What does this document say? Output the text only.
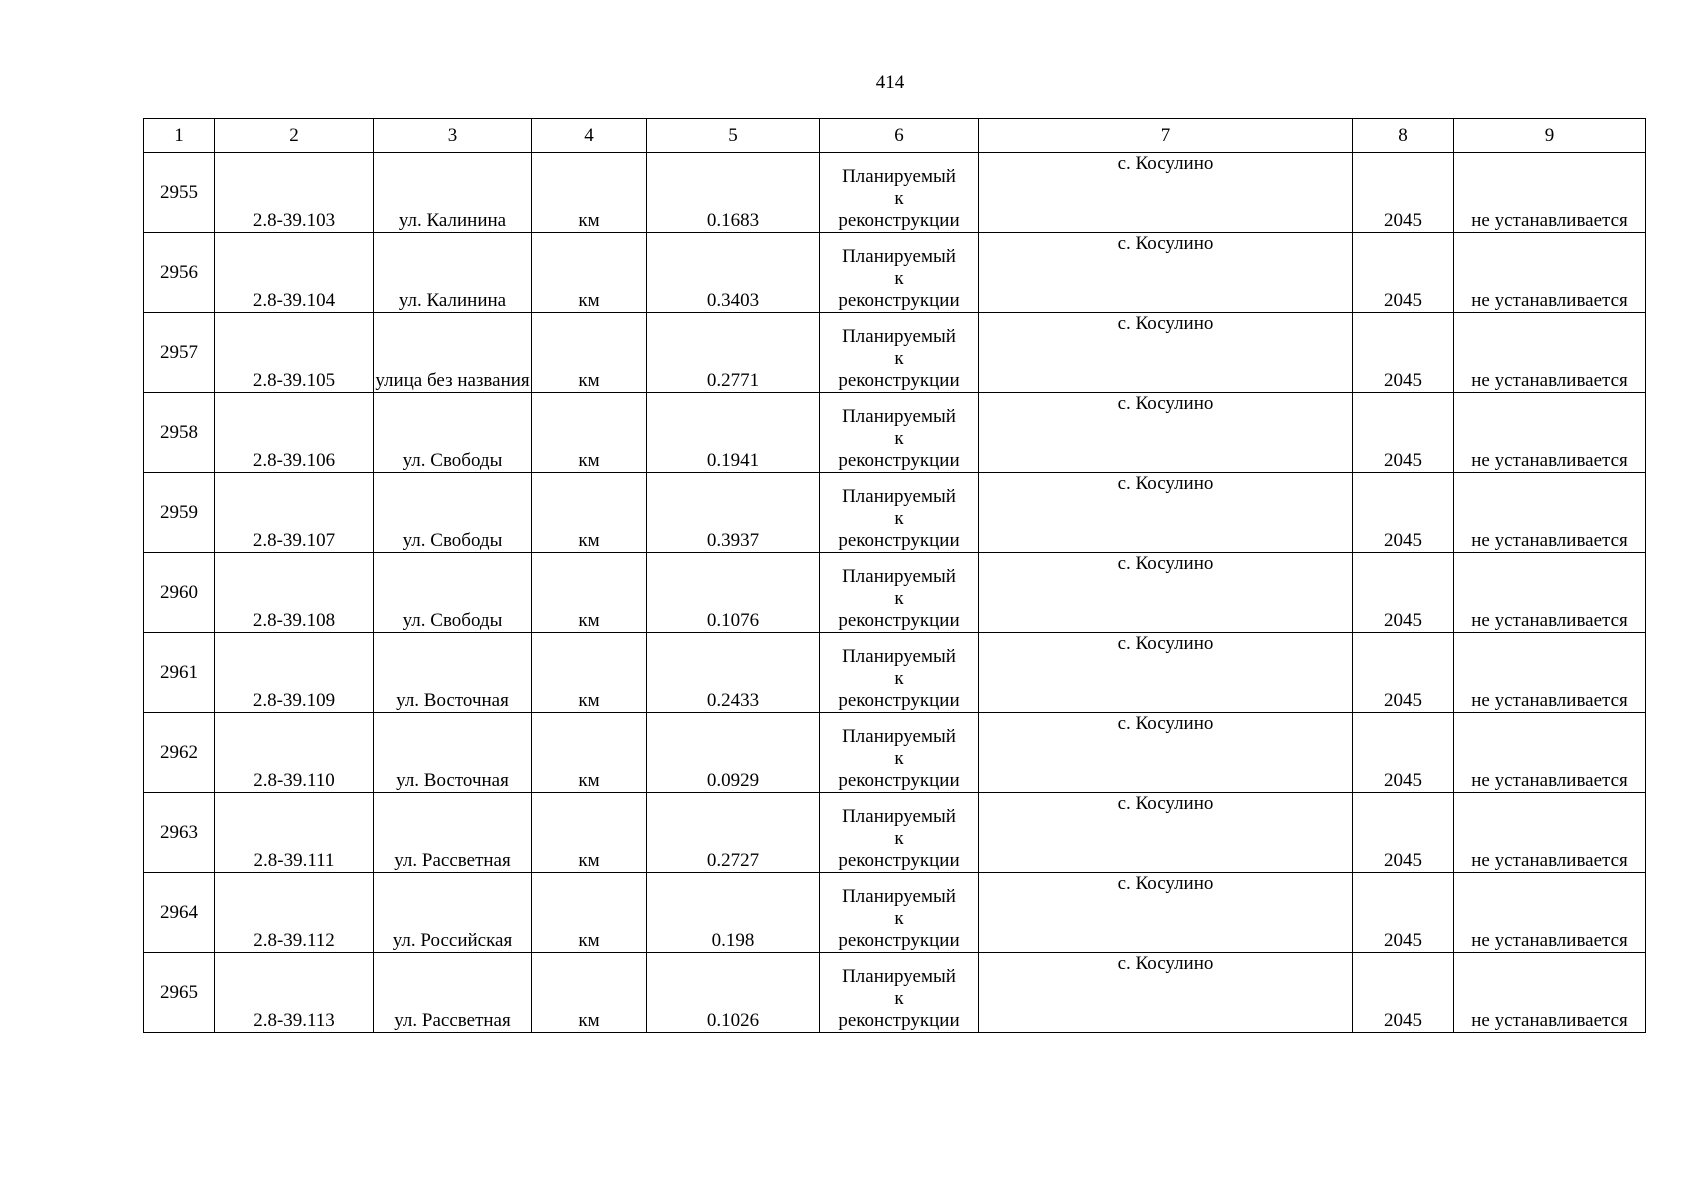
414
1	2	3	4	5	6	7	8	9
2955	2.8-39.103	ул. Калинина	км	0.1683	Планируемый
к
реконструкции	с. Косулино	2045	не устанавливается
2956	2.8-39.104	ул. Калинина	км	0.3403	Планируемый
к
реконструкции	с. Косулино	2045	не устанавливается
2957	2.8-39.105	улица без названия	км	0.2771	Планируемый
к
реконструкции	с. Косулино	2045	не устанавливается
2958	2.8-39.106	ул. Свободы	км	0.1941	Планируемый
к
реконструкции	с. Косулино	2045	не устанавливается
2959	2.8-39.107	ул. Свободы	км	0.3937	Планируемый
к
реконструкции	с. Косулино	2045	не устанавливается
2960	2.8-39.108	ул. Свободы	км	0.1076	Планируемый
к
реконструкции	с. Косулино	2045	не устанавливается
2961	2.8-39.109	ул. Восточная	км	0.2433	Планируемый
к
реконструкции	с. Косулино	2045	не устанавливается
2962	2.8-39.110	ул. Восточная	км	0.0929	Планируемый
к
реконструкции	с. Косулино	2045	не устанавливается
2963	2.8-39.111	ул. Рассветная	км	0.2727	Планируемый
к
реконструкции	с. Косулино	2045	не устанавливается
2964	2.8-39.112	ул. Российская	км	0.198	Планируемый
к
реконструкции	с. Косулино	2045	не устанавливается
2965	2.8-39.113	ул. Рассветная	км	0.1026	Планируемый
к
реконструкции	с. Косулино	2045	не устанавливается
